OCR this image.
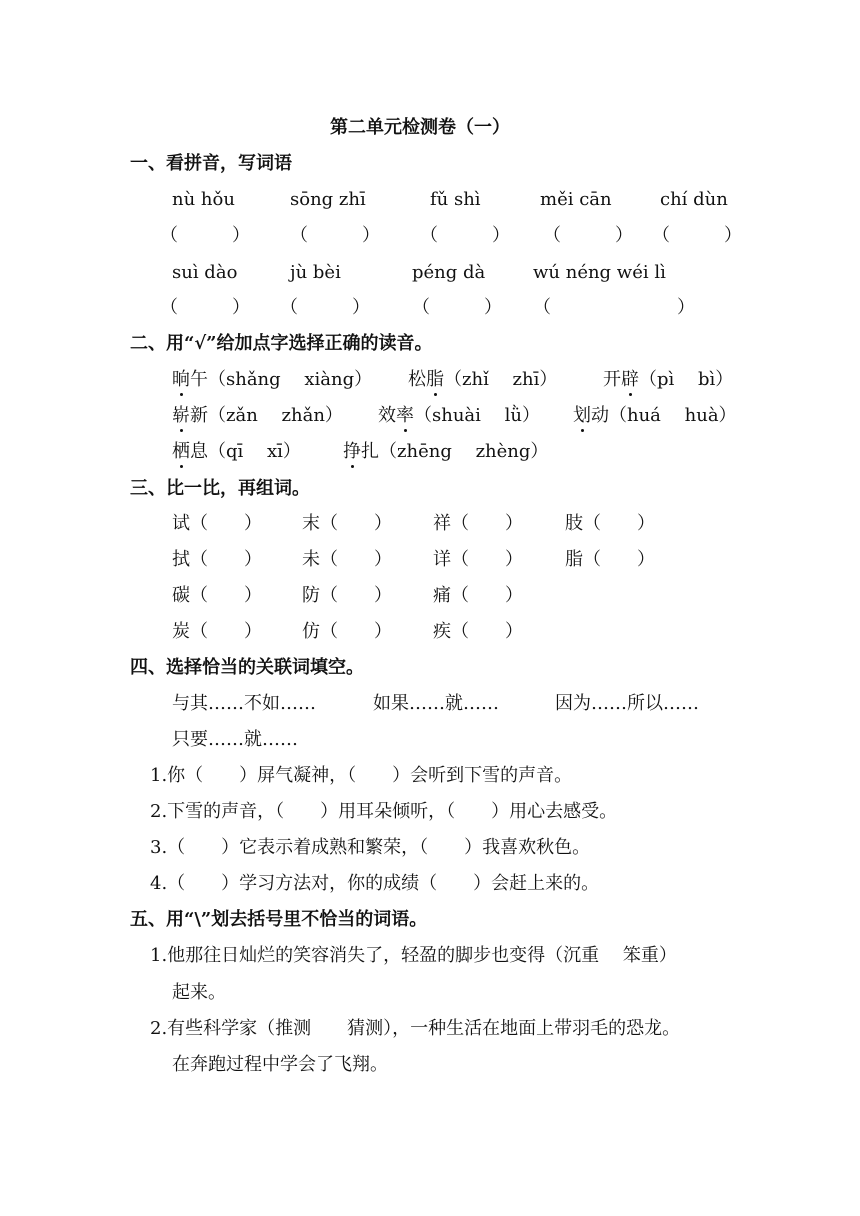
第二单元检测卷（一）
一、看拼音，写词语
nù hǒu	sōng zhī	fǔ shì	měi cān	chí dùn
（　　　） （　　　） （　　　） （　　　） （　　　）
suì dào	jù bèi	péng dà	wú néng wéi lì
（　　　） （　　　） （　　　） （　　　　　　　）
二、用“√”给加点字选择正确的读音。
晌午（shǎng　 xiàng） 松脂（zhǐ　 zhī）	开辟（pì　 bì）
崭新（zǎn　 zhǎn） 效率（shuài　 lǜ） 划动（huá　 huà）
栖息（qī　 xī） 挣扎（zhēng　 zhèng）
三、比一比，再组词。
试（　　） 末（　　） 祥（　　） 肢（　　）
拭（　　） 未（　　） 详（　　） 脂（　　）
碳（　　） 防（　　） 痛（　　）
炭（　　） 仿（　　） 疾（　　）
四、选择恰当的关联词填空。
与其……不如……	如果……就……	因为……所以……
只要……就……
1.你（　　）屏气凝神，（　　）会听到下雪的声音。
2.下雪的声音，（　　）用耳朵倾听，（　　）用心去感受。
3.（　　）它表示着成熟和繁荣，（　　）我喜欢秋色。
4.（　　）学习方法对，你的成绩（　　）会赶上来的。
五、用“\”划去括号里不恰当的词语。
1.他那往日灿烂的笑容消失了，轻盈的脚步也变得（沉重　 笨重）
起来。
2.有些科学家（推测　　猜测），一种生活在地面上带羽毛的恐龙。
在奔跑过程中学会了飞翔。
